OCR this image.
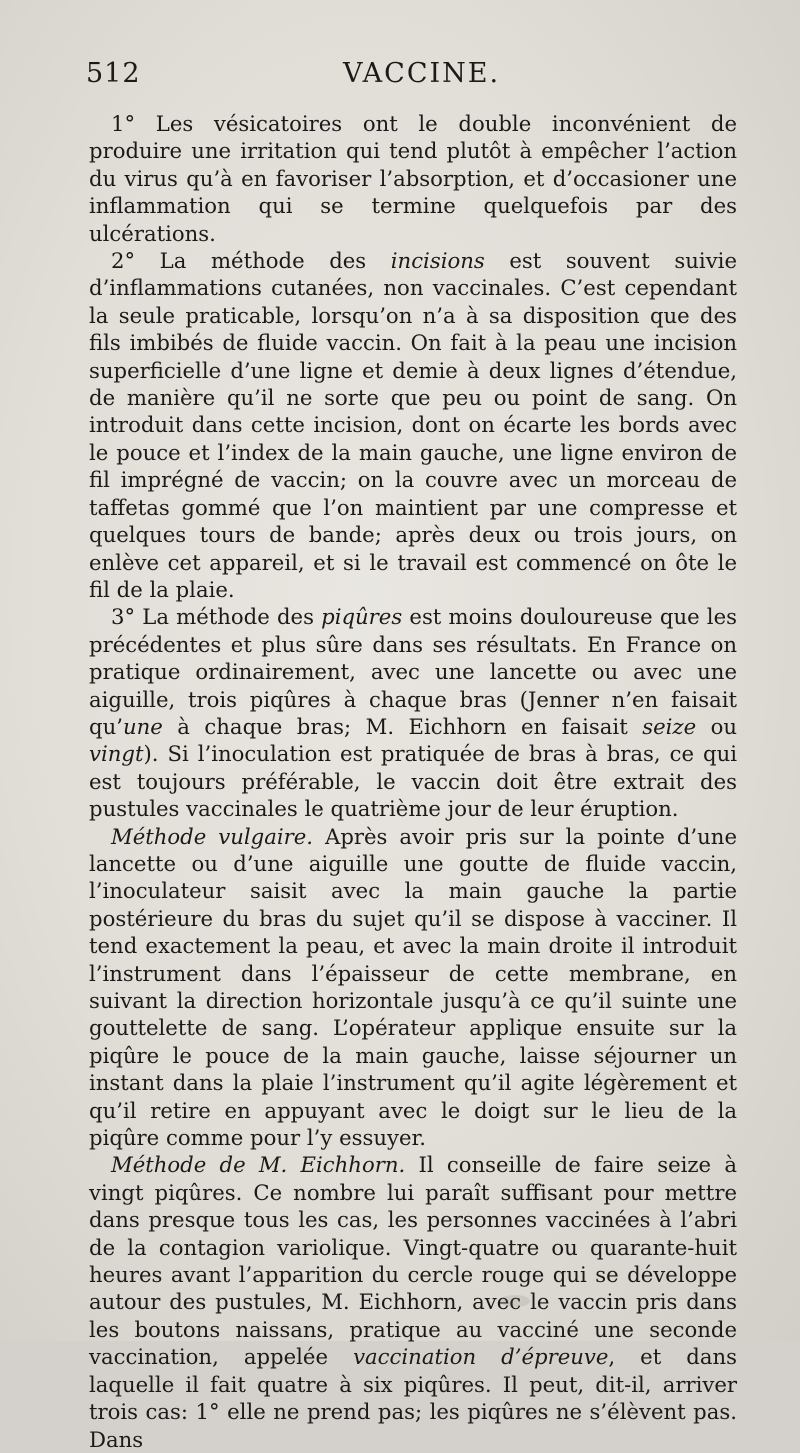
512	VACCINE.

1° Les vésicatoires ont le double inconvénient de produire une irritation qui tend plutôt à empêcher l’action du virus qu’à en favoriser l’absorption, et d’occasioner une inflammation qui se termine quelquefois par des ulcérations.

2° La méthode des incisions est souvent suivie d’inflammations cutanées, non vaccinales. C’est cependant la seule praticable, lorsqu’on n’a à sa disposition que des fils imbibés de fluide vaccin. On fait à la peau une incision superficielle d’une ligne et demie à deux lignes d’étendue, de manière qu’il ne sorte que peu ou point de sang. On introduit dans cette incision, dont on écarte les bords avec le pouce et l’index de la main gauche, une ligne environ de fil imprégné de vaccin; on la couvre avec un morceau de taffetas gommé que l’on maintient par une compresse et quelques tours de bande; après deux ou trois jours, on enlève cet appareil, et si le travail est commencé on ôte le fil de la plaie.

3° La méthode des piqûres est moins douloureuse que les précédentes et plus sûre dans ses résultats. En France on pratique ordinairement, avec une lancette ou avec une aiguille, trois piqûres à chaque bras (Jenner n’en faisait qu’une à chaque bras; M. Eichhorn en faisait seize ou vingt). Si l’inoculation est pratiquée de bras à bras, ce qui est toujours préférable, le vaccin doit être extrait des pustules vaccinales le quatrième jour de leur éruption.

Méthode vulgaire. Après avoir pris sur la pointe d’une lancette ou d’une aiguille une goutte de fluide vaccin, l’inoculateur saisit avec la main gauche la partie postérieure du bras du sujet qu’il se dispose à vacciner. Il tend exactement la peau, et avec la main droite il introduit l’instrument dans l’épaisseur de cette membrane, en suivant la direction horizontale jusqu’à ce qu’il suinte une gouttelette de sang. L’opérateur applique ensuite sur la piqûre le pouce de la main gauche, laisse séjourner un instant dans la plaie l’instrument qu’il agite légèrement et qu’il retire en appuyant avec le doigt sur le lieu de la piqûre comme pour l’y essuyer.

Méthode de M. Eichhorn. Il conseille de faire seize à vingt piqûres. Ce nombre lui paraît suffisant pour mettre dans presque tous les cas, les personnes vaccinées à l’abri de la contagion variolique. Vingt-quatre ou quarante-huit heures avant l’apparition du cercle rouge qui se développe autour des pustules, M. Eichhorn, avec le vaccin pris dans les boutons naissans, pratique au vacciné une seconde vaccination, appelée vaccination d’épreuve, et dans laquelle il fait quatre à six piqûres. Il peut, dit-il, arriver trois cas: 1° elle ne prend pas; les piqûres ne s’élèvent pas. Dans
